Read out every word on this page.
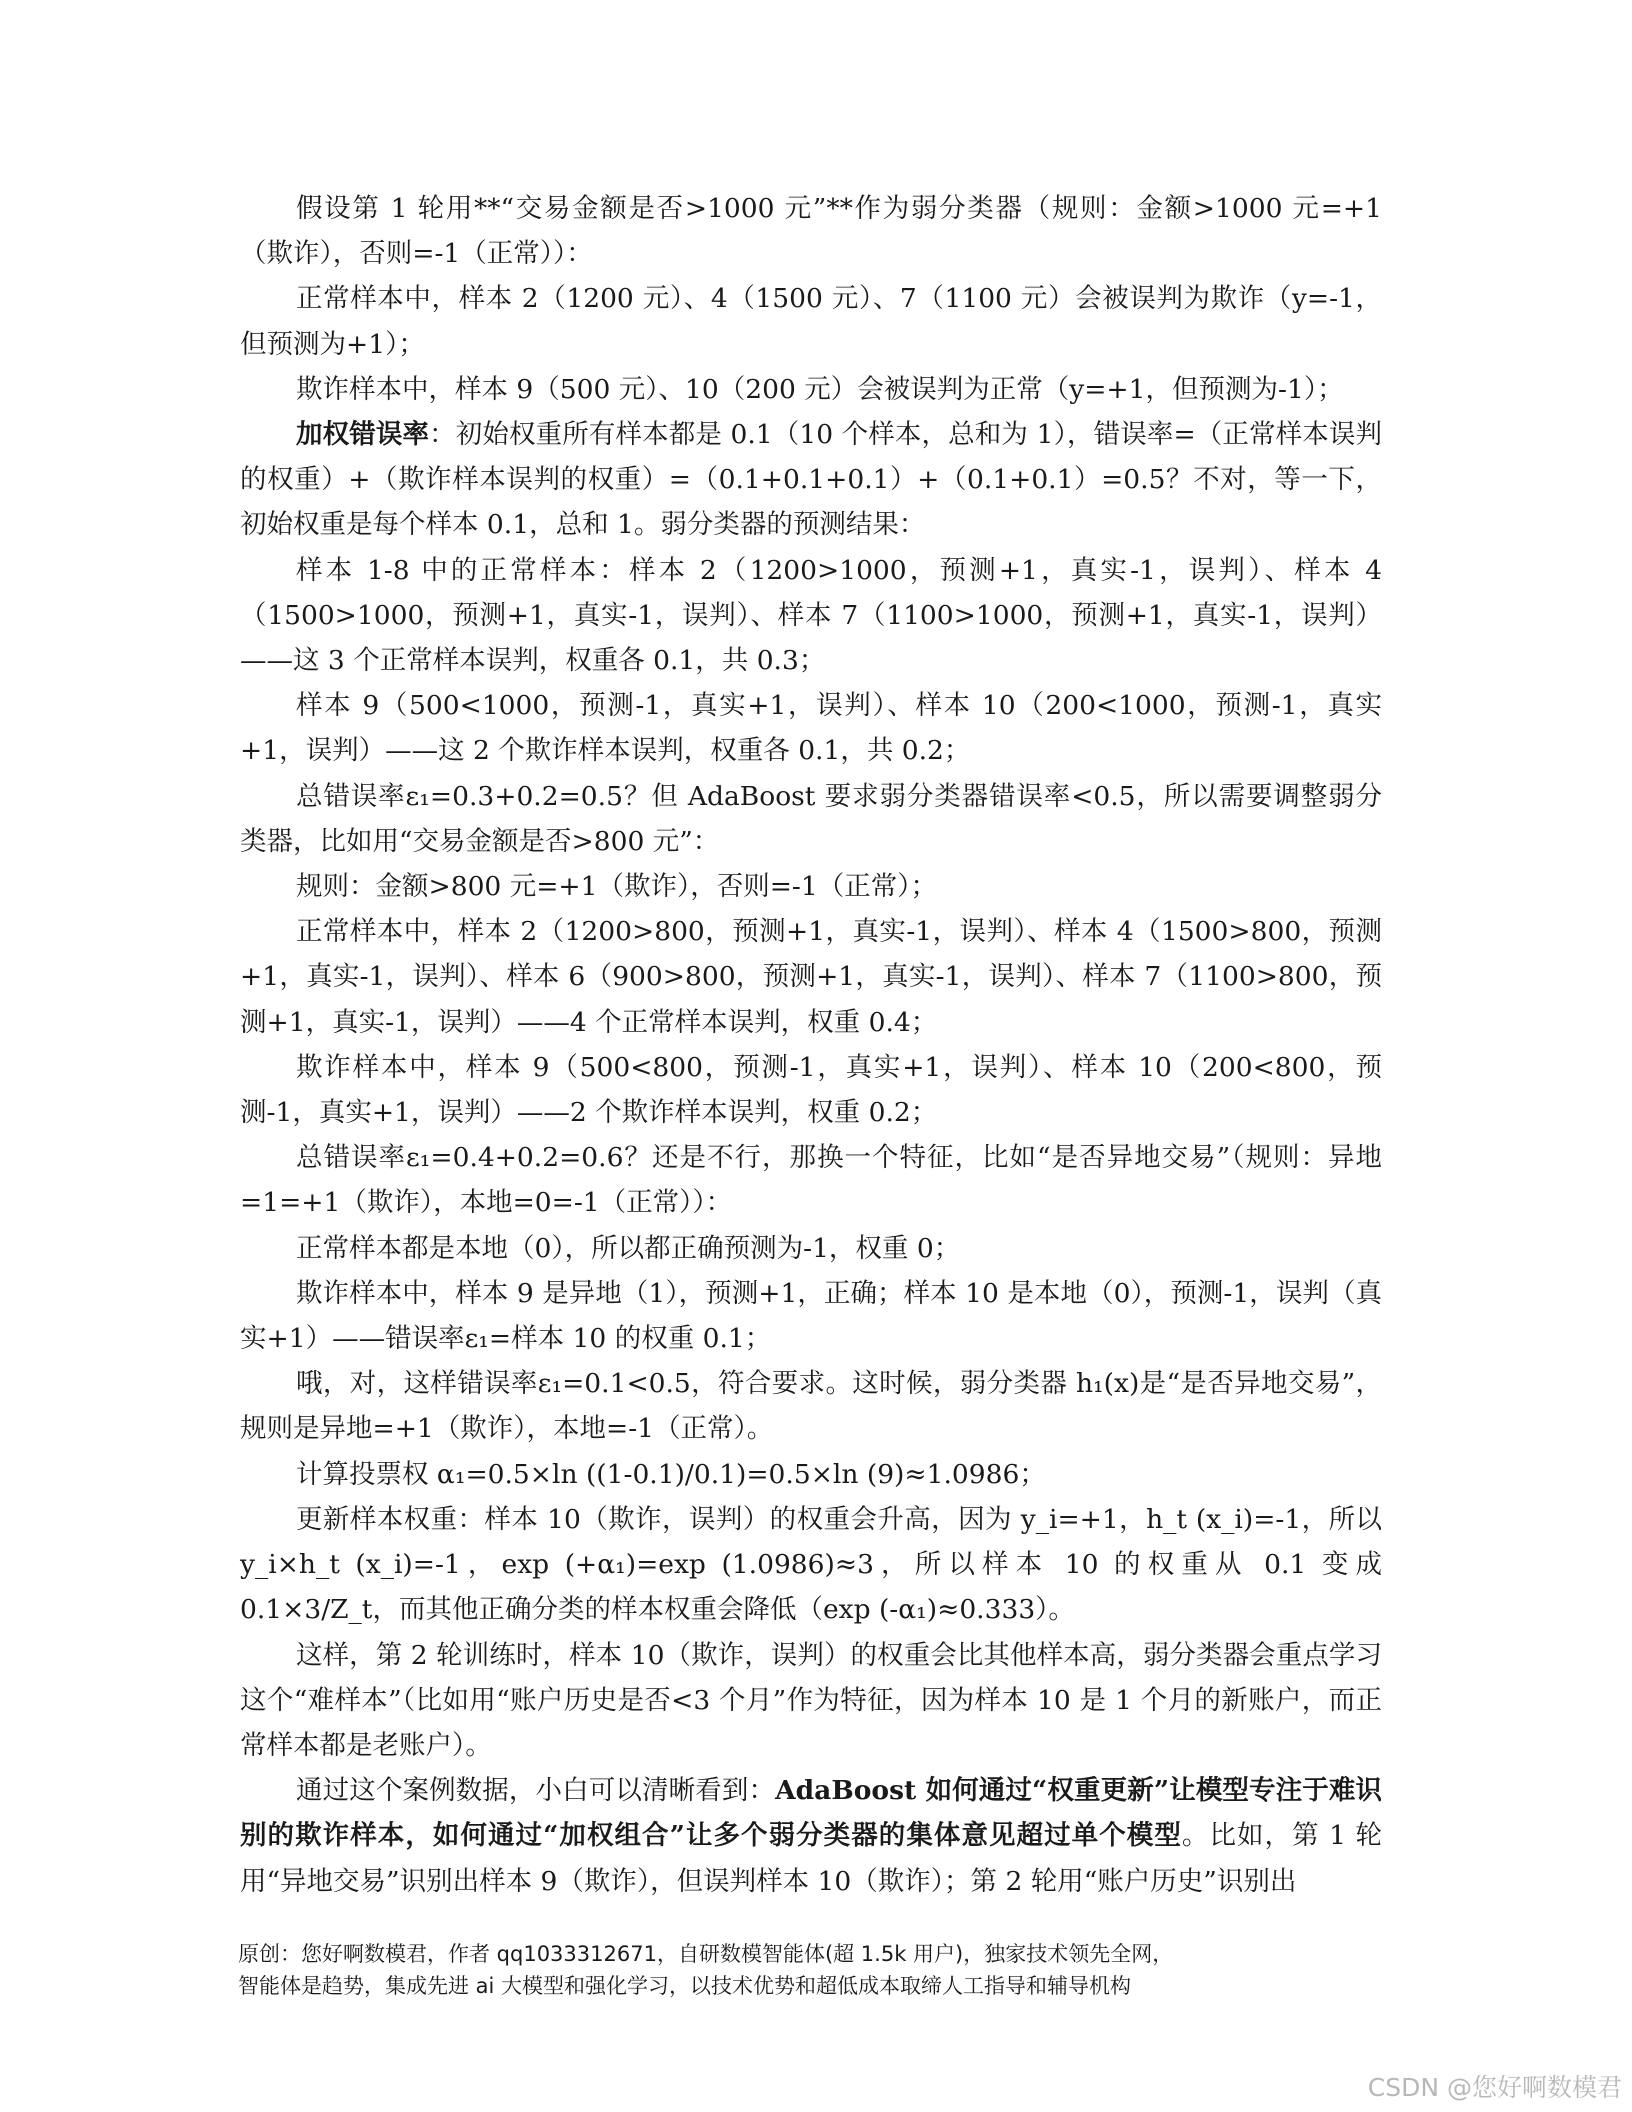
假设第 1 轮用**“交易金额是否>1000 元”**作为弱分类器（规则：金额>1000 元=+1（欺诈），否则=-1（正常））：

正常样本中，样本 2（1200 元）、4（1500 元）、7（1100 元）会被误判为欺诈（y=-1，但预测为+1）；

欺诈样本中，样本 9（500 元）、10（200 元）会被误判为正常（y=+1，但预测为-1）；

加权错误率：初始权重所有样本都是 0.1（10 个样本，总和为 1），错误率=（正常样本误判的权重）+（欺诈样本误判的权重）=（0.1+0.1+0.1）+（0.1+0.1）=0.5？不对，等一下，初始权重是每个样本 0.1，总和 1。弱分类器的预测结果：

样本 1-8 中的正常样本：样本 2（1200>1000，预测+1，真实-1，误判）、样本 4（1500>1000，预测+1，真实-1，误判）、样本 7（1100>1000，预测+1，真实-1，误判）——这 3 个正常样本误判，权重各 0.1，共 0.3；

样本 9（500<1000，预测-1，真实+1，误判）、样本 10（200<1000，预测-1，真实+1，误判）——这 2 个欺诈样本误判，权重各 0.1，共 0.2；

总错误率ε₁=0.3+0.2=0.5？但 AdaBoost 要求弱分类器错误率<0.5，所以需要调整弱分类器，比如用“交易金额是否>800 元”：

规则：金额>800 元=+1（欺诈），否则=-1（正常）；

正常样本中，样本 2（1200>800，预测+1，真实-1，误判）、样本 4（1500>800，预测+1，真实-1，误判）、样本 6（900>800，预测+1，真实-1，误判）、样本 7（1100>800，预测+1，真实-1，误判）——4 个正常样本误判，权重 0.4；

欺诈样本中，样本 9（500<800，预测-1，真实+1，误判）、样本 10（200<800，预测-1，真实+1，误判）——2 个欺诈样本误判，权重 0.2；

总错误率ε₁=0.4+0.2=0.6？还是不行，那换一个特征，比如“是否异地交易”（规则：异地=1=+1（欺诈），本地=0=-1（正常））：

正常样本都是本地（0），所以都正确预测为-1，权重 0；

欺诈样本中，样本 9 是异地（1），预测+1，正确；样本 10 是本地（0），预测-1，误判（真实+1）——错误率ε₁=样本 10 的权重 0.1；

哦，对，这样错误率ε₁=0.1<0.5，符合要求。这时候，弱分类器 h₁(x)是“是否异地交易”，规则是异地=+1（欺诈），本地=-1（正常）。

计算投票权 α₁=0.5×ln ((1-0.1)/0.1)=0.5×ln (9)≈1.0986；

更新样本权重：样本 10（欺诈，误判）的权重会升高，因为 y_i=+1，h_t (x_i)=-1，所以 y_i×h_t (x_i)=-1，exp (+α₁)=exp (1.0986)≈3，所以样本 10 的权重从 0.1 变成 0.1×3/Z_t，而其他正确分类的样本权重会降低（exp (-α₁)≈0.333）。

这样，第 2 轮训练时，样本 10（欺诈，误判）的权重会比其他样本高，弱分类器会重点学习这个“难样本”（比如用“账户历史是否<3 个月”作为特征，因为样本 10 是 1 个月的新账户，而正常样本都是老账户）。

通过这个案例数据，小白可以清晰看到：AdaBoost 如何通过“权重更新”让模型专注于难识别的欺诈样本，如何通过“加权组合”让多个弱分类器的集体意见超过单个模型。比如，第 1 轮用“异地交易”识别出样本 9（欺诈），但误判样本 10（欺诈）；第 2 轮用“账户历史”识别出

原创：您好啊数模君，作者 qq1033312671，自研数模智能体(超 1.5k 用户)，独家技术领先全网，
智能体是趋势，集成先进 ai 大模型和强化学习，以技术优势和超低成本取缔人工指导和辅导机构
CSDN @您好啊数模君
